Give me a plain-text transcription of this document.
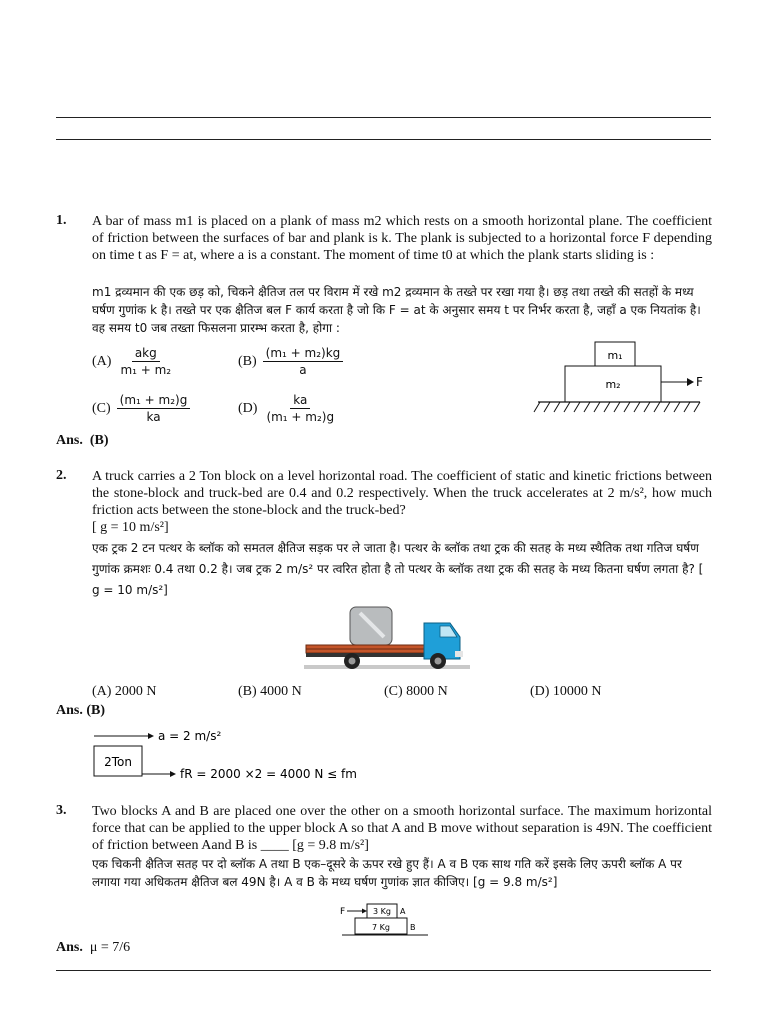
1. A bar of mass m1 is placed on a plank of mass m2 which rests on a smooth horizontal plane. The coefficient of friction between the surfaces of bar and plank is k. The plank is subjected to a horizontal force F depending on time t as F = at, where a is a constant. The moment of time t0 at which the plank starts sliding is :
m1 द्रव्यमान की एक छड़ को, चिकने क्षैतिज तल पर विराम में रखे m2 द्रव्यमान के तख्ते पर रखा गया है। छड़ तथा तख्ते की सतहों के मध्य घर्षण गुणांक k है। तख्ते पर एक क्षैतिज बल F कार्य करता है जो कि F = at के अनुसार समय t पर निर्भर करता है, जहाँ a एक नियतांक है। वह समय t0 जब तख्ता फिसलना प्रारम्भ करता है, होगा :
$(A) \frac{\text{akg}}{\text{m₁ + m₂}}$	$(B) \frac{\text{(m₁ + m₂)kg}}{a}$
$(C) \frac{\text{(m₁ + m₂)g}}{ka}$	$(D) \frac{ka}{\text{(m₁ + m₂)g}}$
m₁
m₂	F
Ans. (B)
2. A truck carries a 2 Ton block on a level horizontal road. The coefficient of static and kinetic frictions between the stone-block and truck-bed are 0.4 and 0.2 respectively. When the truck accelerates at 2 m/s², how much friction acts between the stone-block and the truck-bed?
[ g = 10 m/s²]
एक ट्रक 2 टन पत्थर के ब्लॉक को समतल क्षैतिज सड़क पर ले जाता है। पत्थर के ब्लॉक तथा ट्रक की सतह के मध्य स्थैतिक तथा गतिज घर्षण गुणांक क्रमशः 0.4 तथा 0.2 है। जब ट्रक 2 m/s² पर त्वरित होता है तो पत्थर के ब्लॉक तथा ट्रक की सतह के मध्य कितना घर्षण लगता है? [ g = 10 m/s²]
(A) 2000 N	(B) 4000 N	(C) 8000 N	(D) 10000 N
Ans. (B)
a = 2 m/s²
2Ton
fR = 2000 ×2 = 4000 N ≤ fm
3. Two blocks A and B are placed one over the other on a smooth horizontal surface. The maximum horizontal force that can be applied to the upper block A so that A and B move without separation is 49N. The coefficient of friction between Aand B is ____ [g = 9.8 m/s²]
एक चिकनी क्षैतिज सतह पर दो ब्लॉक A तथा B एक–दूसरे के ऊपर रखे हुए हैं। A व B एक साथ गति करें इसके लिए ऊपरी ब्लॉक A पर लगाया गया अधिकतम क्षैतिज बल 49N है। A व B के मध्य घर्षण गुणांक ज्ञात कीजिए। [g = 9.8 m/s²]
F	3 Kg A
7 Kg	B
Ans. μ = 7/6
